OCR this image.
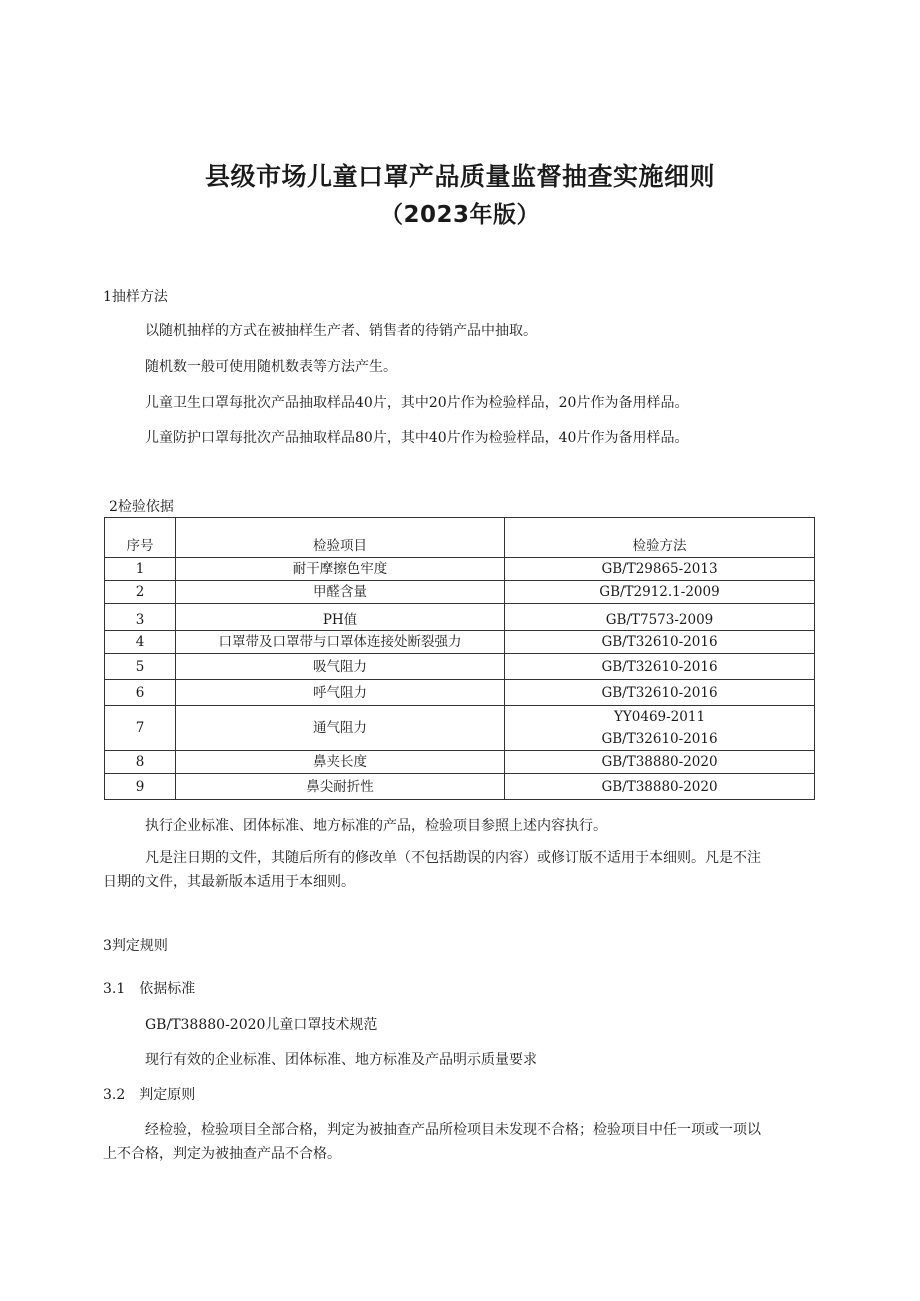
县级市场儿童口罩产品质量监督抽查实施细则
（2023年版）
1抽样方法
以随机抽样的方式在被抽样生产者、销售者的待销产品中抽取。
随机数一般可使用随机数表等方法产生。
儿童卫生口罩每批次产品抽取样品40片，其中20片作为检验样品，20片作为备用样品。
儿童防护口罩每批次产品抽取样品80片，其中40片作为检验样品，40片作为备用样品。
2检验依据
序号	检验项目	检验方法
1	耐干摩擦色牢度	GB/T29865-2013
2	甲醛含量	GB/T2912.1-2009
3	PH值	GB/T7573-2009
4	口罩带及口罩带与口罩体连接处断裂强力	GB/T32610-2016
5	吸气阻力	GB/T32610-2016
6	呼气阻力	GB/T32610-2016
7	通气阻力	YY0469-2011
GB/T32610-2016

8	鼻夹长度	GB/T38880-2020
9	鼻尖耐折性	GB/T38880-2020
执行企业标准、团体标准、地方标准的产品，检验项目参照上述内容执行。
凡是注日期的文件，其随后所有的修改单（不包括勘误的内容）或修订版不适用于本细则。凡是不注日期的文件，其最新版本适用于本细则。
3判定规则
3.1　依据标准
GB/T38880-2020儿童口罩技术规范
现行有效的企业标准、团体标准、地方标准及产品明示质量要求
3.2　判定原则
经检验，检验项目全部合格，判定为被抽查产品所检项目未发现不合格；检验项目中任一项或一项以上不合格，判定为被抽查产品不合格。
